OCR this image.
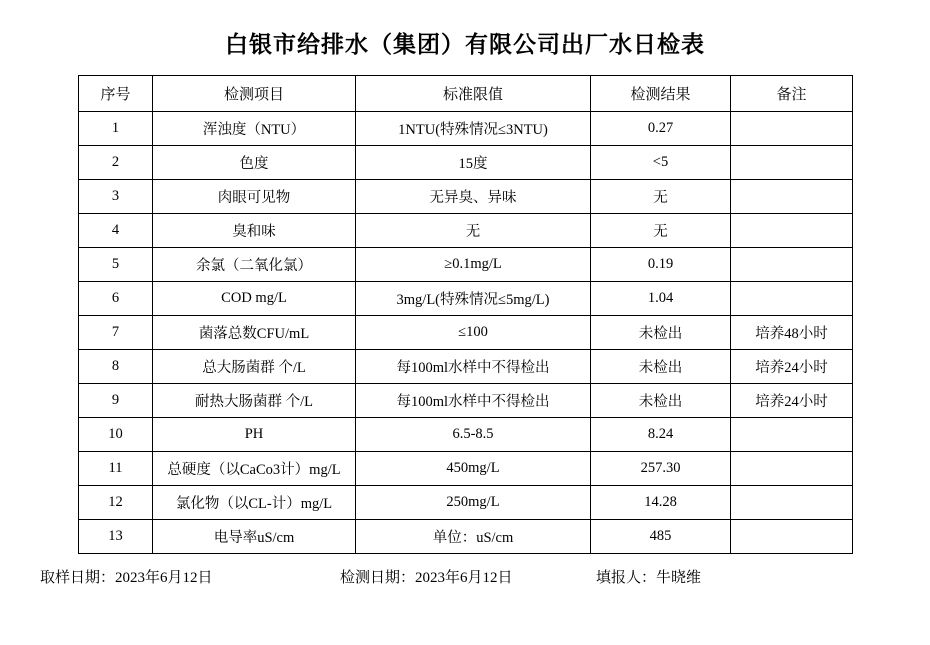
白银市给排水（集团）有限公司出厂水日检表
序号	检测项目	标准限值	检测结果	备注
1	浑浊度（NTU）	1NTU(特殊情况≤3NTU)	0.27	
2	色度	15度	<5	
3	肉眼可见物	无异臭、异味	无	
4	臭和味	无	无	
5	余氯（二氧化氯）	≥0.1mg/L	0.19	
6	COD mg/L	3mg/L(特殊情况≤5mg/L)	1.04	
7	菌落总数CFU/mL	≤100	未检出	培养48小时
8	总大肠菌群 个/L	每100ml水样中不得检出	未检出	培养24小时
9	耐热大肠菌群 个/L	每100ml水样中不得检出	未检出	培养24小时
10	PH	6.5-8.5	8.24	
11	总硬度（以CaCo3计）mg/L	450mg/L	257.30	
12	氯化物（以CL-计）mg/L	250mg/L	14.28	
13	电导率uS/cm	单位：uS/cm	485	
取样日期：2023年6月12日	检测日期：2023年6月12日	填报人：牛晓维
